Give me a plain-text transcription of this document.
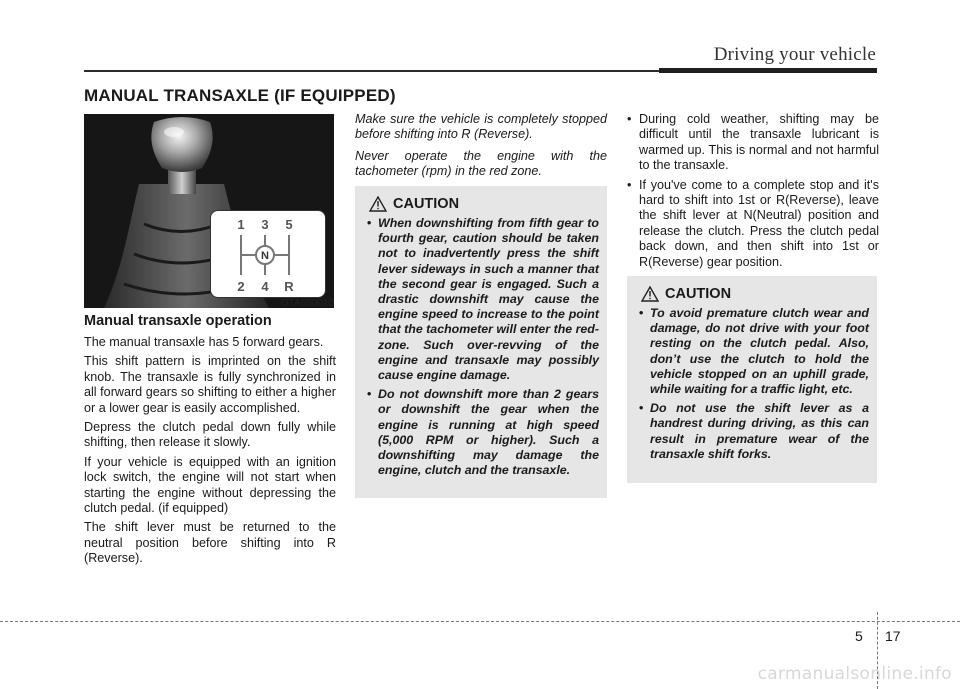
Driving your vehicle
MANUAL TRANSAXLE (IF EQUIPPED)
N
1 3 5
2 4 R
OTA050010
Manual transaxle operation

The manual transaxle has 5 forward gears.

This shift pattern is imprinted on the shift knob. The transaxle is fully synchronized in all forward gears so shifting to either a higher or a lower gear is easily accomplished.

Depress the clutch pedal down fully while shifting, then release it slowly.

If your vehicle is equipped with an ignition lock switch, the engine will not start when starting the engine without depressing the clutch pedal. (if equipped)

The shift lever must be returned to the neutral position before shifting into R (Reverse).

Make sure the vehicle is completely stopped before shifting into R (Reverse).

Never operate the engine with the tachometer (rpm) in the red zone.

CAUTION
• When downshifting from fifth gear to fourth gear, caution should be taken not to inadvertently press the shift lever sideways in such a manner that the second gear is engaged. Such a drastic downshift may cause the engine speed to increase to the point that the tachometer will enter the red-zone. Such over-revving of the engine and transaxle may possibly cause engine damage.
• Do not downshift more than 2 gears or downshift the gear when the engine is running at high speed (5,000 RPM or higher). Such a downshifting may damage the engine, clutch and the transaxle.
• During cold weather, shifting may be difficult until the transaxle lubricant is warmed up. This is normal and not harmful to the transaxle.
• If you've come to a complete stop and it's hard to shift into 1st or R(Reverse), leave the shift lever at N(Neutral) position and release the clutch. Press the clutch pedal back down, and then shift into 1st or R(Reverse) gear position.
CAUTION
• To avoid premature clutch wear and damage, do not drive with your foot resting on the clutch pedal. Also, don’t use the clutch to hold the vehicle stopped on an uphill grade, while waiting for a traffic light, etc.
• Do not use the shift lever as a handrest during driving, as this can result in premature wear of the transaxle shift forks.
5 17
carmanualsonline.info
